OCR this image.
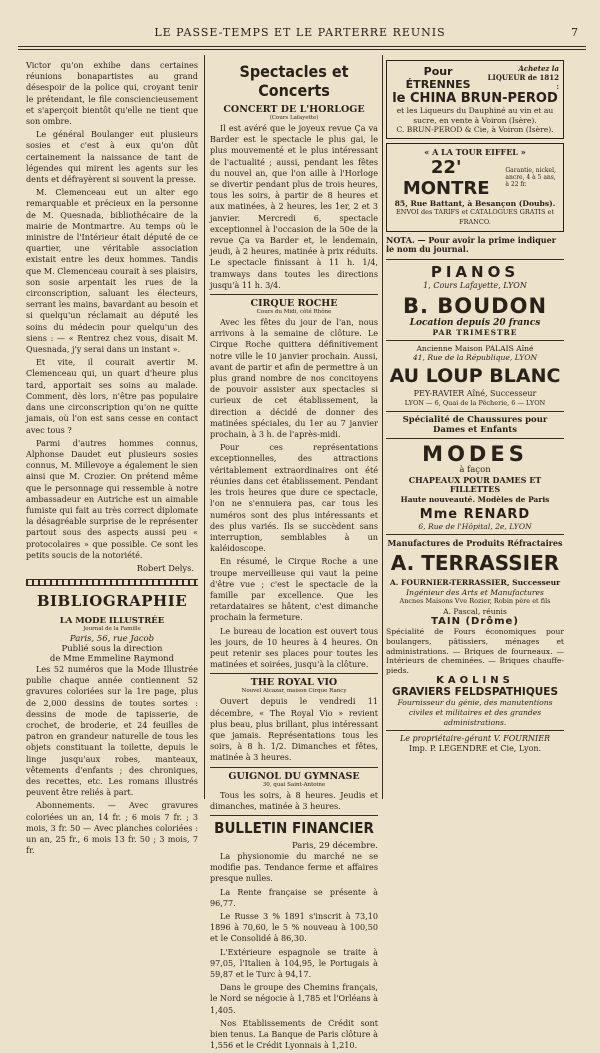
LE PASSE-TEMPS ET LE PARTERRE REUNIS	7

Victor qu'on exhibe dans certaines réunions bonapartistes au grand désespoir de la police qui, croyant tenir le prétendant, le file consciencieusement et s'aperçoit bientôt qu'elle ne tient que son ombre.

Le général Boulanger eut plusieurs sosies et c'est à eux qu'on dût certainement la naissance de tant de légendes qui mirent les agents sur les dents et défrayèrent si souvent la presse.

M. Clemenceau eut un alter ego remarquable et précieux en la personne de M. Quesnada, bibliothécaire de la mairie de Montmartre. Au temps où le ministre de l'Intérieur était député de ce quartier, une véritable association existait entre les deux hommes. Tandis que M. Clemenceau courait à ses plaisirs, son sosie arpentait les rues de la circonscription, saluant les électeurs, serrant les mains, bavardant au besoin et si quelqu'un réclamait au député les soins du médecin pour quelqu'un des siens : — « Rentrez chez vous, disait M. Quesnada, j'y serai dans un instant ».

Et vite, il courait avertir M. Clemenceau qui, un quart d'heure plus tard, apportait ses soins au malade. Comment, dès lors, n'être pas populaire dans une circonscription qu'on ne quitte jamais, où l'on est sans cesse en contact avec tous ?

Parmi d'autres hommes connus, Alphonse Daudet eut plusieurs sosies connus, M. Millevoye a également le sien ainsi que M. Crozier. On prétend même que le personnage qui ressemble à notre ambassadeur en Autriche est un aimable fumiste qui fait au très correct diplomate la désagréable surprise de le représenter partout sous des aspects aussi peu « protocolaires » que possible. Ce sont les petits soucis de la notoriété.

Robert Delys.

BIBLIOGRAPHIE
LA MODE ILLUSTRÉE
Journal de la Famille
Paris, 56, rue Jacob
Publié sous la direction
de Mme Emmeline Raymond

Les 52 numéros que la Mode Illustrée publie chaque année contiennent 52 gravures coloriées sur la 1re page, plus de 2,000 dessins de toutes sortes : dessins de mode de tapisserie, de crochet, de broderie, et 24 feuilles de patron en grandeur naturelle de tous les objets constituant la toilette, depuis le linge jusqu'aux robes, manteaux, vêtements d'enfants ; des chroniques, des recettes, etc. Les romans illustrés peuvent être reliés à part.

Abonnements. — Avec gravures coloriées un an, 14 fr. ; 6 mois 7 fr. ; 3 mois, 3 fr. 50 — Avec planches coloriées : un an, 25 fr., 6 mois 13 fr. 50 ; 3 mois, 7 fr.

Spectacles et Concerts
CONCERT DE L'HORLOGE
(Cours Lafayette)

Il est avéré que le joyeux revue Ça va Barder est le spectacle le plus gai, le plus mouvementé et le plus intéressant de l'actualité ; aussi, pendant les fêtes du nouvel an, que l'on aille à l'Horloge se divertir pendant plus de trois heures, tous les soirs, à partir de 8 heures et aux matinées, à 2 heures, les 1er, 2 et 3 janvier. Mercredi 6, spectacle exceptionnel à l'occasion de la 50e de la revue Ça va Barder et, le lendemain, jeudi, à 2 heures, matinée à prix réduits. Le spectacle finissant à 11 h. 1/4, tramways dans toutes les directions jusqu'à 11 h. 3/4.

CIRQUE ROCHE
Cours du Midi, côté Rhône

Avec les fêtes du jour de l'an, nous arrivons à la semaine de clôture. Le Cirque Roche quittera définitivement notre ville le 10 janvier prochain. Aussi, avant de partir et afin de permettre à un plus grand nombre de nos concitoyens de pouvoir assister aux spectacles si curieux de cet établissement, la direction a décidé de donner des matinées spéciales, du 1er au 7 janvier prochain, à 3 h. de l'après-midi.

Pour ces représentations exceptionnelles, des attractions véritablement extraordinaires ont été réunies dans cet établissement. Pendant les trois heures que dure ce spectacle, l'on ne s'ennuiera pas, car tous les numéros sont des plus intéressants et des plus variés. Ils se succèdent sans interruption, semblables à un kaléidoscope.

En résumé, le Cirque Roche a une troupe merveilleuse qui vaut la peine d'être vue ; c'est le spectacle de la famille par excellence. Que les retardataires se hâtent, c'est dimanche prochain la fermeture.

Le bureau de location est ouvert tous les jours, de 10 heures à 4 heures. On peut retenir ses places pour toutes les matinées et soirées, jusqu'à la clôture.

THE ROYAL VIO
Nouvel Alcazar, maison Cirque Rancy

Ouvert depuis le vendredi 11 décembre, « The Royal Vio » revient plus beau, plus brillant, plus intéressant que jamais. Représentations tous les soirs, à 8 h. 1/2. Dimanches et fêtes, matinée à 3 heures.

GUIGNOL DU GYMNASE
30, quai Saint-Antoine

Tous les soirs, à 8 heures. Jeudis et dimanches, matinée à 3 heures.

BULLETIN FINANCIER
Paris, 29 décembre.

La physionomie du marché ne se modifie pas. Tendance ferme et affaires presque nulles.

La Rente française se présente à 96,77.

Le Russe 3 % 1891 s'inscrit à 73,10 1896 à 70,60, le 5 % nouveau à 100,50 et le Consolidé à 86,30.

L'Extérieure espagnole se traite à 97,05, l'Italien à 104,95, le Portugais à 59,87 et le Turc à 94,17.

Dans le groupe des Chemins français, le Nord se négocie à 1,785 et l'Orléans à 1,405.

Nos Etablissements de Crédit sont bien tenus. La Banque de Paris clôture à 1,556 et le Crédit Lyonnais à 1,210.

Pour ÉTRENNES
Achetez la
LIQUEUR de 1812 :
le CHINA BRUN-PEROD
et les Liqueurs du Dauphiné au vin et au sucre, en vente à Voiron (Isère).
C. BRUN-PEROD & Cie, à Voiron (Isère).
« A LA TOUR EIFFEL »
22' MONTRE
Garantie, nickel, ancre, 4 à 5 ans, à 22 fr.
85, Rue Battant, à Besançon (Doubs).
ENVOI des TARIFS et CATALOGUES GRATIS et FRANCO.
NOTA. — Pour avoir la prime indiquer le nom du journal.
PIANOS
1, Cours Lafayette, LYON
B. BOUDON
Location depuis 20 francs
PAR TRIMESTRE
Ancienne Maison PALAIS Aîné
41, Rue de la République, LYON
AU LOUP BLANC
PEY-RAVIER Aîné, Successeur
LYON — 6, Quai de la Pêcherie, 6 — LYON
Spécialité de Chaussures pour Dames et Enfants
MODES
à façon
CHAPEAUX POUR DAMES ET FILLETTES
Haute nouveauté. Modèles de Paris
Mme RENARD
6, Rue de l'Hôpital, 2e, LYON
Manufactures de Produits Réfractaires
A. TERRASSIER
A. FOURNIER-TERRASSIER, Successeur
Ingénieur des Arts et Manufactures
Ancnes Maisons Vve Rozier, Robin père et fils
A. Pascal, réunis
TAIN (Drôme)
Spécialité de Fours économiques pour boulangers, pâtissiers, ménages et administrations. — Briques de fourneaux. — Intérieurs de cheminées. — Briques chauffe-pieds.
KAOLINS
GRAVIERS FELDSPATHIQUES
Fournisseur du génie, des manutentions civiles et militaires et des grandes administrations.
Le propriétaire-gérant V. FOURNIER
Imp. P. LEGENDRE et Cie, Lyon.
